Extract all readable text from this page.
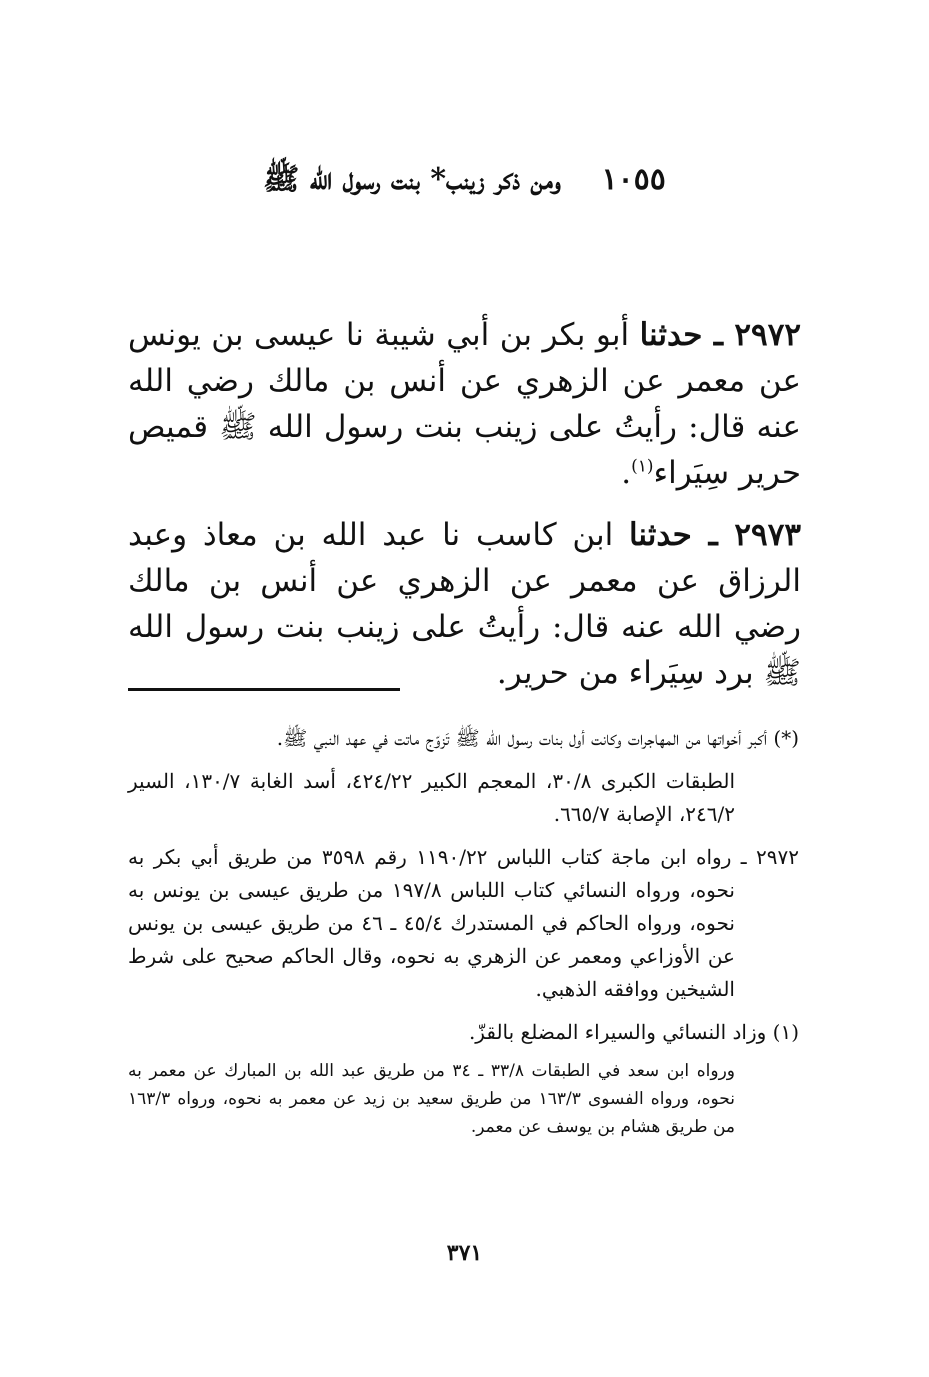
١٠٥٥ ومن ذكر زينب* بنت رسول الله ﷺ

٢٩٧٢ ـ حدثنا أبو بكر بن أبي شيبة نا عيسى بن يونس عن معمر عن الزهري عن أنس بن مالك رضي الله عنه قال: رأيتُ على زينب بنت رسول الله ﷺ قميص حرير سِيَراء$^{(١)}$.

٢٩٧٣ ـ حدثنا ابن كاسب نا عبد الله بن معاذ وعبد الرزاق عن معمر عن الزهري عن أنس بن مالك رضي الله عنه قال: رأيتُ على زينب بنت رسول الله ﷺ برد سِيَراء من حرير.

(*) أكبر أخواتها من المهاجرات وكانت أول بنات رسول الله ﷺ تَزوّج ماتت في عهد النبي ﷺ.

الطبقات الكبرى ٣٠/٨، المعجم الكبير ٤٢٤/٢٢، أسد الغابة ١٣٠/٧، السير ٢٤٦/٢، الإصابة ٦٦٥/٧.

٢٩٧٢ ـ رواه ابن ماجة كتاب اللباس ١١٩٠/٢٢ رقم ٣٥٩٨ من طريق أبي بكر به نحوه، ورواه النسائي كتاب اللباس ١٩٧/٨ من طريق عيسى بن يونس به نحوه، ورواه الحاكم في المستدرك ٤٥/٤ ـ ٤٦ من طريق عيسى بن يونس عن الأوزاعي ومعمر عن الزهري به نحوه، وقال الحاكم صحيح على شرط الشيخين ووافقه الذهبي.

(١) وزاد النسائي والسيراء المضلع بالقزّ.

ورواه ابن سعد في الطبقات ٣٣/٨ ـ ٣٤ من طريق عبد الله بن المبارك عن معمر به نحوه، ورواه الفسوى ١٦٣/٣ من طريق سعيد بن زيد عن معمر به نحوه، ورواه ١٦٣/٣ من طريق هشام بن يوسف عن معمر.

٣٧١
